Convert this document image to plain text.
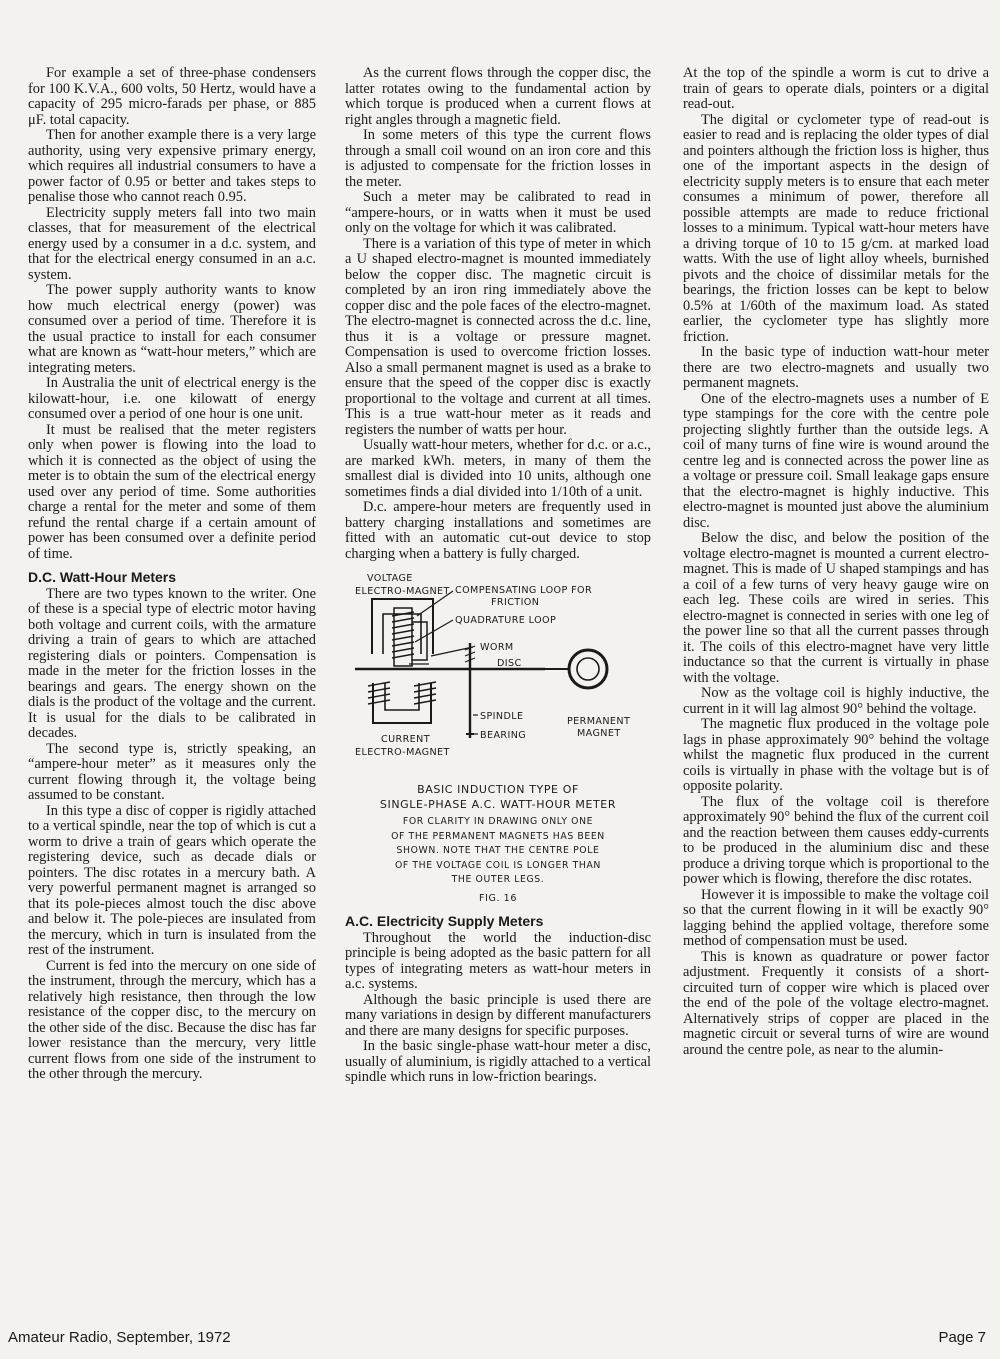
For example a set of three-phase condensers for 100 K.V.A., 600 volts, 50 Hertz, would have a capacity of 295 micro-farads per phase, or 885 μF. total capacity.

Then for another example there is a very large authority, using very expensive primary energy, which requires all industrial consumers to have a power factor of 0.95 or better and takes steps to penalise those who cannot reach 0.95.

Electricity supply meters fall into two main classes, that for measurement of the electrical energy used by a consumer in a d.c. system, and that for the electrical energy consumed in an a.c. system.

The power supply authority wants to know how much electrical energy (power) was consumed over a period of time. Therefore it is the usual practice to install for each consumer what are known as “watt-hour meters,” which are integrating meters.

In Australia the unit of electrical energy is the kilowatt-hour, i.e. one kilowatt of energy consumed over a period of one hour is one unit.

It must be realised that the meter registers only when power is flowing into the load to which it is connected as the object of using the meter is to obtain the sum of the electrical energy used over any period of time. Some authorities charge a rental for the meter and some of them refund the rental charge if a certain amount of power has been consumed over a definite period of time.

D.C. Watt-Hour Meters

There are two types known to the writer. One of these is a special type of electric motor having both voltage and current coils, with the armature driving a train of gears to which are attached registering dials or pointers. Compensation is made in the meter for the friction losses in the bearings and gears. The energy shown on the dials is the product of the voltage and the current. It is usual for the dials to be calibrated in decades.

The second type is, strictly speaking, an “ampere-hour meter” as it measures only the current flowing through it, the voltage being assumed to be constant.

In this type a disc of copper is rigidly attached to a vertical spindle, near the top of which is cut a worm to drive a train of gears which operate the registering device, such as decade dials or pointers. The disc rotates in a mercury bath. A very powerful permanent magnet is arranged so that its pole-pieces almost touch the disc above and below it. The pole-pieces are insulated from the mercury, which in turn is insulated from the rest of the instrument.

Current is fed into the mercury on one side of the instrument, through the mercury, which has a relatively high resistance, then through the low resistance of the copper disc, to the mercury on the other side of the disc. Because the disc has far lower resistance than the mercury, very little current flows from one side of the instrument to the other through the mercury.

As the current flows through the copper disc, the latter rotates owing to the fundamental action by which torque is produced when a current flows at right angles through a magnetic field.

In some meters of this type the current flows through a small coil wound on an iron core and this is adjusted to compensate for the friction losses in the meter.

Such a meter may be calibrated to read in “ampere-hours, or in watts when it must be used only on the voltage for which it was calibrated.

There is a variation of this type of meter in which a U shaped electro-magnet is mounted immediately below the copper disc. The magnetic circuit is completed by an iron ring immediately above the copper disc and the pole faces of the electro-magnet. The electro-magnet is connected across the d.c. line, thus it is a voltage or pressure magnet. Compensation is used to overcome friction losses. Also a small permanent magnet is used as a brake to ensure that the speed of the copper disc is exactly proportional to the voltage and current at all times. This is a true watt-hour meter as it reads and registers the number of watts per hour.

Usually watt-hour meters, whether for d.c. or a.c., are marked kWh. meters, in many of them the smallest dial is divided into 10 units, although one sometimes finds a dial divided into 1/10th of a unit.

D.c. ampere-hour meters are frequently used in battery charging installations and sometimes are fitted with an automatic cut-out device to stop charging when a battery is fully charged.

VOLTAGE
ELECTRO-MAGNET COMPENSATING LOOP FOR
FRICTION
QUADRATURE LOOP
WORM
DISC
SPINDLE
BEARING
PERMANENT
MAGNET
CURRENT
ELECTRO-MAGNET
BASIC INDUCTION TYPE OF
SINGLE-PHASE A.C. WATT-HOUR METER
FOR CLARITY IN DRAWING ONLY ONE
OF THE PERMANENT MAGNETS HAS BEEN
SHOWN. NOTE THAT THE CENTRE POLE
OF THE VOLTAGE COIL IS LONGER THAN
THE OUTER LEGS.
FIG. 16
A.C. Electricity Supply Meters

Throughout the world the induction-disc principle is being adopted as the basic pattern for all types of integrating meters as watt-hour meters in a.c. systems.

Although the basic principle is used there are many variations in design by different manufacturers and there are many designs for specific purposes.

In the basic single-phase watt-hour meter a disc, usually of aluminium, is rigidly attached to a vertical spindle which runs in low-friction bearings.

At the top of the spindle a worm is cut to drive a train of gears to operate dials, pointers or a digital read-out.

The digital or cyclometer type of read-out is easier to read and is replacing the older types of dial and pointers although the friction loss is higher, thus one of the important aspects in the design of electricity supply meters is to ensure that each meter consumes a minimum of power, therefore all possible attempts are made to reduce frictional losses to a minimum. Typical watt-hour meters have a driving torque of 10 to 15 g/cm. at marked load watts. With the use of light alloy wheels, burnished pivots and the choice of dissimilar metals for the bearings, the friction losses can be kept to below 0.5% at 1/60th of the maximum load. As stated earlier, the cyclometer type has slightly more friction.

In the basic type of induction watt-hour meter there are two electro-magnets and usually two permanent magnets.

One of the electro-magnets uses a number of E type stampings for the core with the centre pole projecting slightly further than the outside legs. A coil of many turns of fine wire is wound around the centre leg and is connected across the power line as a voltage or pressure coil. Small leakage gaps ensure that the electro-magnet is highly inductive. This electro-magnet is mounted just above the aluminium disc.

Below the disc, and below the position of the voltage electro-magnet is mounted a current electro-magnet. This is made of U shaped stampings and has a coil of a few turns of very heavy gauge wire on each leg. These coils are wired in series. This electro-magnet is connected in series with one leg of the power line so that all the current passes through it. The coils of this electro-magnet have very little inductance so that the current is virtually in phase with the voltage.

Now as the voltage coil is highly inductive, the current in it will lag almost 90° behind the voltage.

The magnetic flux produced in the voltage pole lags in phase approximately 90° behind the voltage whilst the magnetic flux produced in the current coils is virtually in phase with the voltage but is of opposite polarity.

The flux of the voltage coil is therefore approximately 90° behind the flux of the current coil and the reaction between them causes eddy-currents to be produced in the aluminium disc and these produce a driving torque which is proportional to the power which is flowing, therefore the disc rotates.

However it is impossible to make the voltage coil so that the current flowing in it will be exactly 90° lagging behind the applied voltage, therefore some method of compensation must be used.

This is known as quadrature or power factor adjustment. Frequently it consists of a short-circuited turn of copper wire which is placed over the end of the pole of the voltage electro-magnet. Alternatively strips of copper are placed in the magnetic circuit or several turns of wire are wound around the centre pole, as near to the alumin-

Amateur Radio, September, 1972	Page 7
